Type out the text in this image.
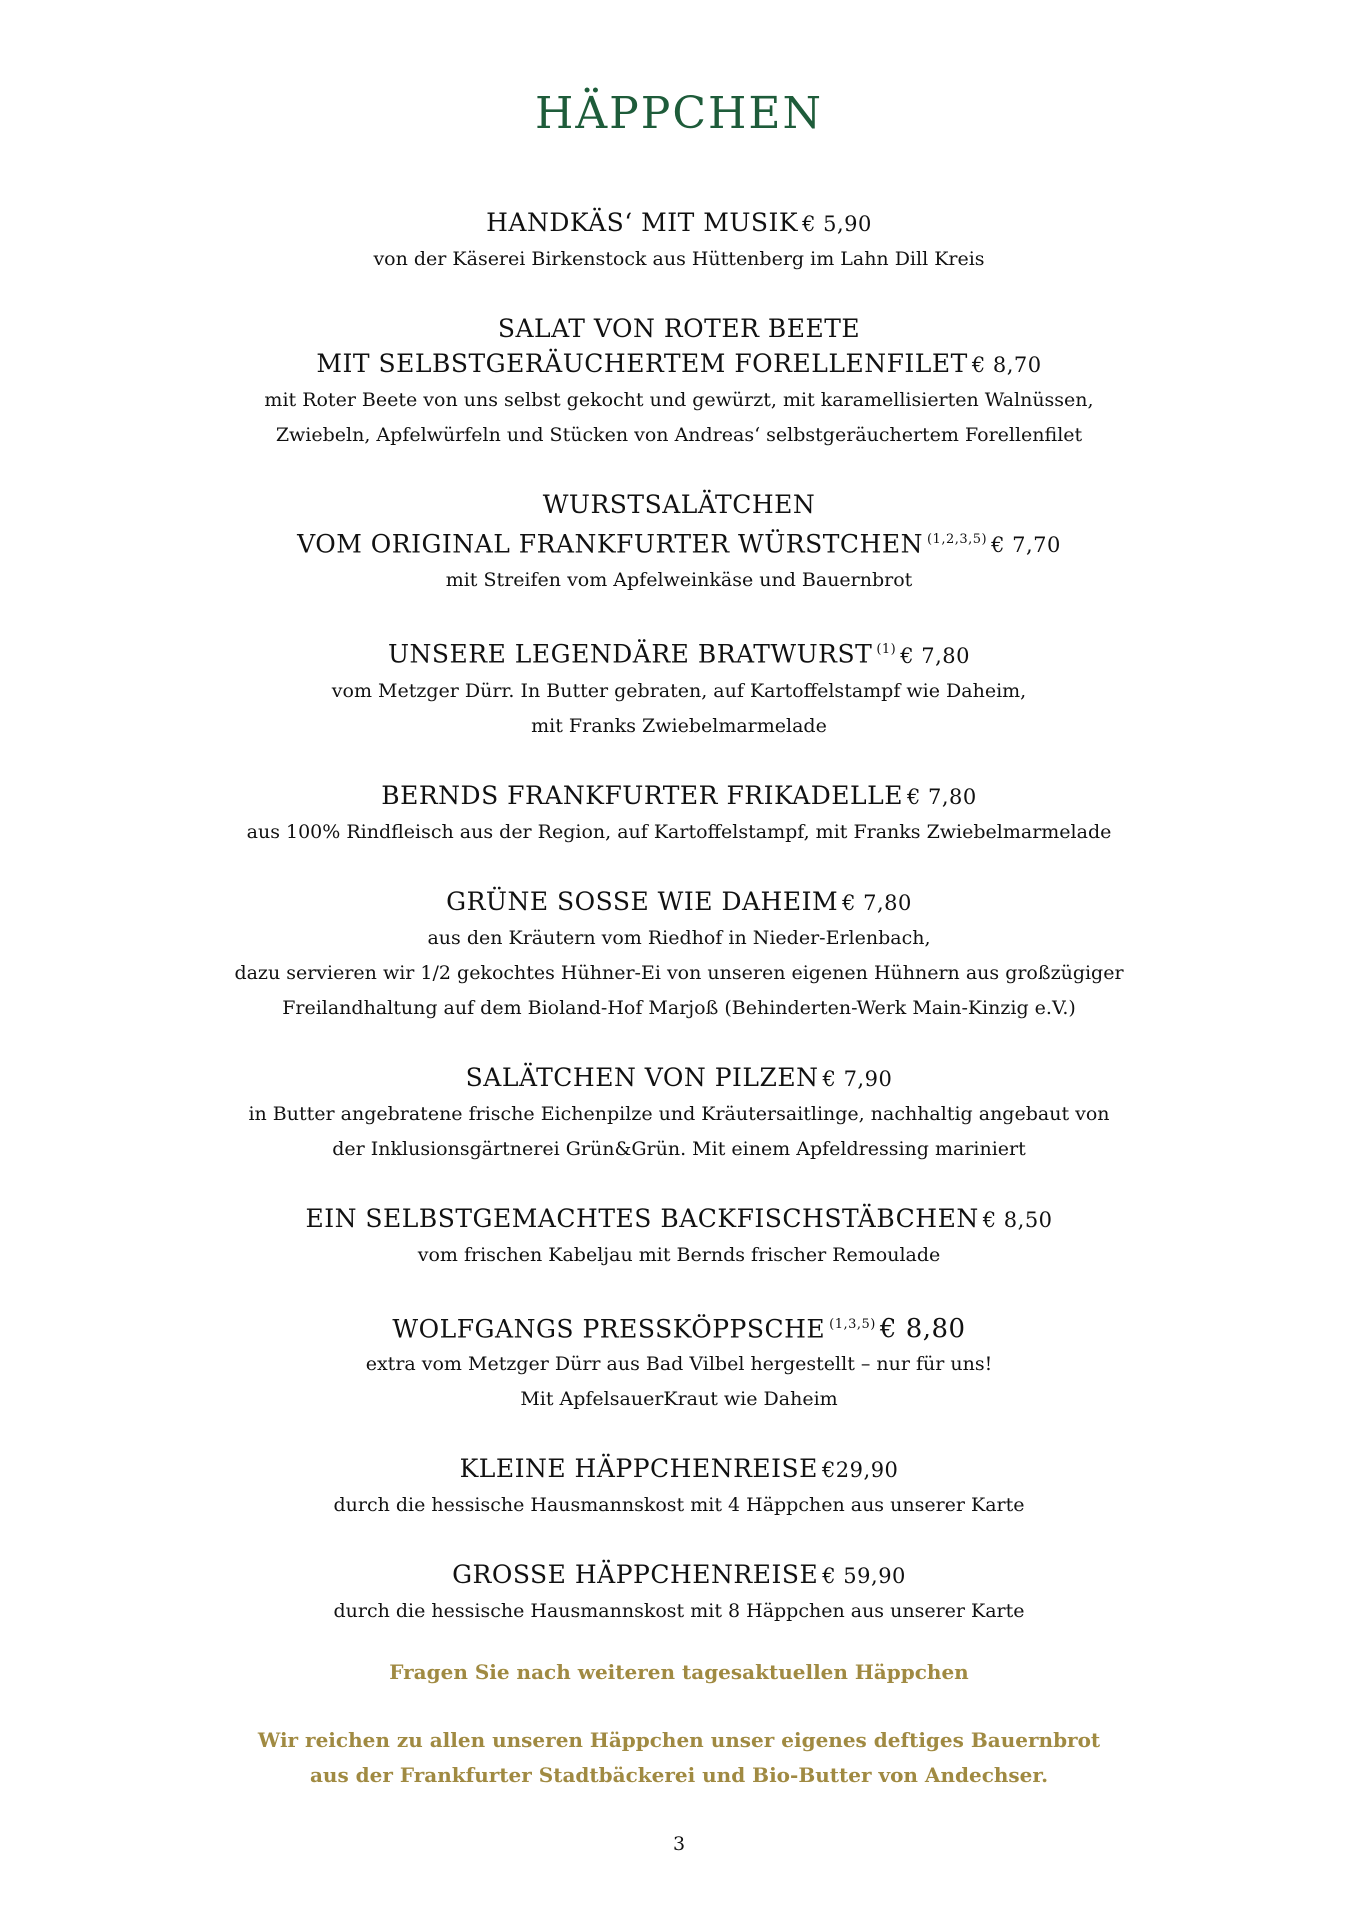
HÄPPCHEN
HANDKÄS‘ MIT MUSIK € 5,90
von der Käserei Birkenstock aus Hüttenberg im Lahn Dill Kreis
SALAT VON ROTER BEETE
MIT SELBSTGERÄUCHERTEM FORELLENFILET € 8,70
mit Roter Beete von uns selbst gekocht und gewürzt, mit karamellisierten Walnüssen,
Zwiebeln, Apfelwürfeln und Stücken von Andreas‘ selbstgeräuchertem Forellenfilet
WURSTSALÄTCHEN
VOM ORIGINAL FRANKFURTER WÜRSTCHEN $^{(1,2,3,5)}$ € 7,70
mit Streifen vom Apfelweinkäse und Bauernbrot
UNSERE LEGENDÄRE BRATWURST $^{(1)}$ € 7,80
vom Metzger Dürr. In Butter gebraten, auf Kartoffelstampf wie Daheim,
mit Franks Zwiebelmarmelade
BERNDS FRANKFURTER FRIKADELLE € 7,80
aus 100% Rindfleisch aus der Region, auf Kartoffelstampf, mit Franks Zwiebelmarmelade
GRÜNE SOSSE WIE DAHEIM € 7,80
aus den Kräutern vom Riedhof in Nieder-Erlenbach,
dazu servieren wir 1/2 gekochtes Hühner-Ei von unseren eigenen Hühnern aus großzügiger
Freilandhaltung auf dem Bioland-Hof Marjoß (Behinderten-Werk Main-Kinzig e.V.)
SALÄTCHEN VON PILZEN € 7,90
in Butter angebratene frische Eichenpilze und Kräutersaitlinge, nachhaltig angebaut von
der Inklusionsgärtnerei Grün&Grün. Mit einem Apfeldressing mariniert
EIN SELBSTGEMACHTES BACKFISCHSTÄBCHEN € 8,50
vom frischen Kabeljau mit Bernds frischer Remoulade
WOLFGANGS PRESSKÖPPSCHE $^{(1,3,5)}$ € 8,80
extra vom Metzger Dürr aus Bad Vilbel hergestellt – nur für uns!
Mit ApfelsauerKraut wie Daheim
KLEINE HÄPPCHENREISE €29,90
durch die hessische Hausmannskost mit 4 Häppchen aus unserer Karte
GROSSE HÄPPCHENREISE € 59,90
durch die hessische Hausmannskost mit 8 Häppchen aus unserer Karte
Fragen Sie nach weiteren tagesaktuellen Häppchen
Wir reichen zu allen unseren Häppchen unser eigenes deftiges Bauernbrot
aus der Frankfurter Stadtbäckerei und Bio-Butter von Andechser.
3
